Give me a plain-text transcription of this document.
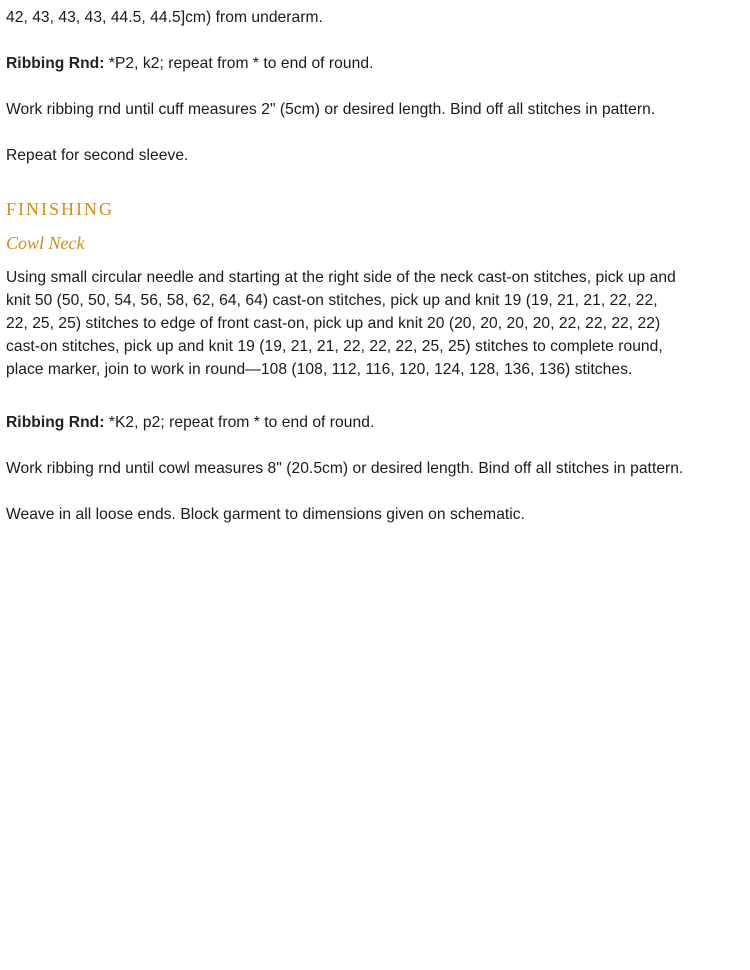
42, 43, 43, 43, 44.5, 44.5]cm) from underarm.

Ribbing Rnd: *P2, k2; repeat from * to end of round.

Work ribbing rnd until cuff measures 2" (5cm) or desired length. Bind off all stitches in pattern.

Repeat for second sleeve.

FINISHING
Cowl Neck
Using small circular needle and starting at the right side of the neck cast-on stitches, pick up and
knit 50 (50, 50, 54, 56, 58, 62, 64, 64) cast-on stitches, pick up and knit 19 (19, 21, 21, 22, 22,
22, 25, 25) stitches to edge of front cast-on, pick up and knit 20 (20, 20, 20, 20, 22, 22, 22, 22)
cast-on stitches, pick up and knit 19 (19, 21, 21, 22, 22, 22, 25, 25) stitches to complete round,
place marker, join to work in round—108 (108, 112, 116, 120, 124, 128, 136, 136) stitches.

Ribbing Rnd: *K2, p2; repeat from * to end of round.

Work ribbing rnd until cowl measures 8" (20.5cm) or desired length. Bind off all stitches in pattern.

Weave in all loose ends. Block garment to dimensions given on schematic.
